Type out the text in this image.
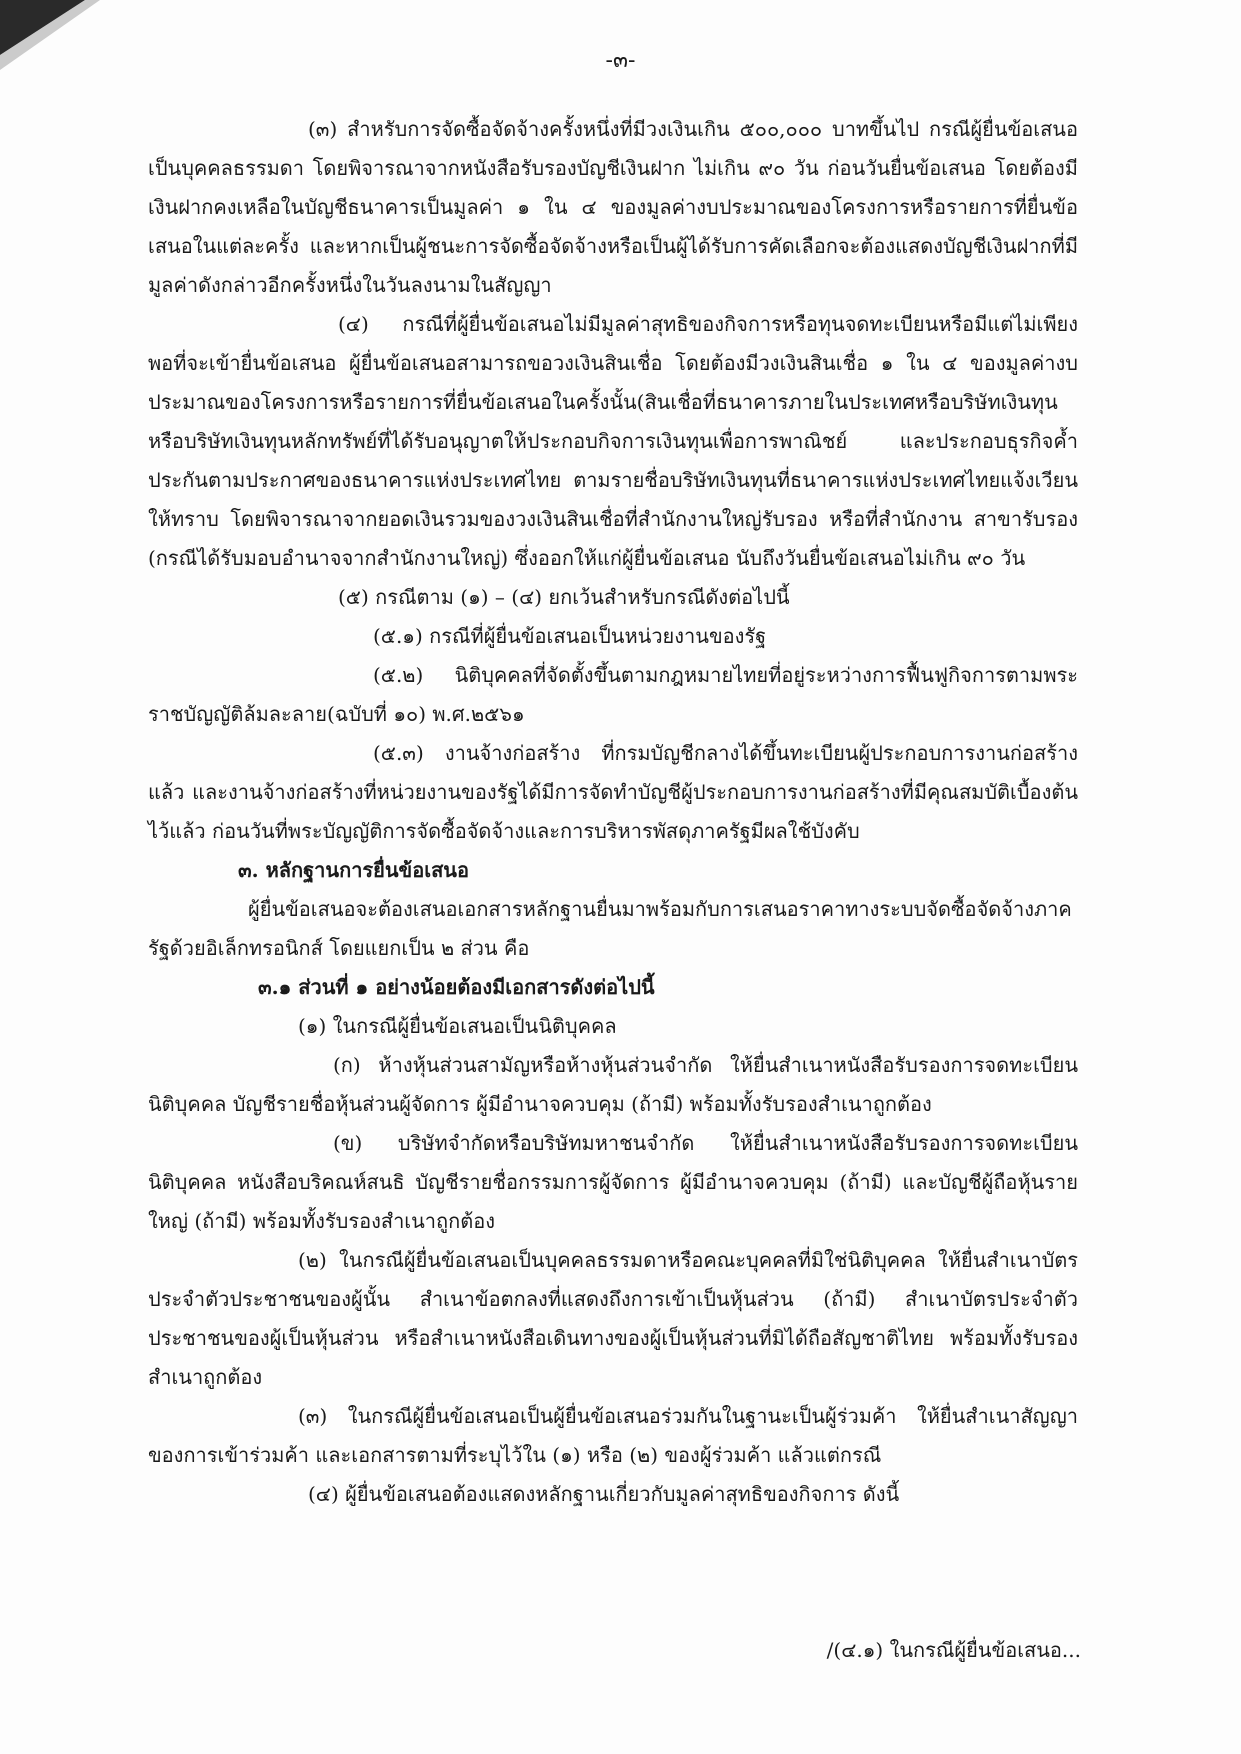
-๓-

(๓) สำหรับการจัดซื้อจัดจ้างครั้งหนึ่งที่มีวงเงินเกิน ๕๐๐,๐๐๐ บาทขึ้นไป กรณีผู้ยื่นข้อเสนอเป็นบุคคลธรรมดา โดยพิจารณาจากหนังสือรับรองบัญชีเงินฝาก ไม่เกิน ๙๐ วัน ก่อนวันยื่นข้อเสนอ โดยต้องมีเงินฝากคงเหลือในบัญชีธนาคารเป็นมูลค่า ๑ ใน ๔ ของมูลค่างบประมาณของโครงการหรือรายการที่ยื่นข้อเสนอในแต่ละครั้ง และหากเป็นผู้ชนะการจัดซื้อจัดจ้างหรือเป็นผู้ได้รับการคัดเลือกจะต้องแสดงบัญชีเงินฝากที่มีมูลค่าดังกล่าวอีกครั้งหนึ่งในวันลงนามในสัญญา

(๔) กรณีที่ผู้ยื่นข้อเสนอไม่มีมูลค่าสุทธิของกิจการหรือทุนจดทะเบียนหรือมีแต่ไม่เพียงพอที่จะเข้ายื่นข้อเสนอ ผู้ยื่นข้อเสนอสามารถขอวงเงินสินเชื่อ โดยต้องมีวงเงินสินเชื่อ ๑ ใน ๔ ของมูลค่างบประมาณของโครงการหรือรายการที่ยื่นข้อเสนอในครั้งนั้น(สินเชื่อที่ธนาคารภายในประเทศหรือบริษัทเงินทุนหรือบริษัทเงินทุนหลักทรัพย์ที่ได้รับอนุญาตให้ประกอบกิจการเงินทุนเพื่อการพาณิชย์ และประกอบธุรกิจค้ำประกันตามประกาศของธนาคารแห่งประเทศไทย ตามรายชื่อบริษัทเงินทุนที่ธนาคารแห่งประเทศไทยแจ้งเวียนให้ทราบ โดยพิจารณาจากยอดเงินรวมของวงเงินสินเชื่อที่สำนักงานใหญ่รับรอง หรือที่สำนักงาน สาขารับรอง (กรณีได้รับมอบอำนาจจากสำนักงานใหญ่) ซึ่งออกให้แก่ผู้ยื่นข้อเสนอ นับถึงวันยื่นข้อเสนอไม่เกิน ๙๐ วัน

(๕) กรณีตาม (๑) – (๔) ยกเว้นสำหรับกรณีดังต่อไปนี้

(๕.๑) กรณีที่ผู้ยื่นข้อเสนอเป็นหน่วยงานของรัฐ

(๕.๒) นิติบุคคลที่จัดตั้งขึ้นตามกฎหมายไทยที่อยู่ระหว่างการฟื้นฟูกิจการตามพระราชบัญญัติล้มละลาย(ฉบับที่ ๑๐) พ.ศ.๒๕๖๑

(๕.๓) งานจ้างก่อสร้าง ที่กรมบัญชีกลางได้ขึ้นทะเบียนผู้ประกอบการงานก่อสร้างแล้ว และงานจ้างก่อสร้างที่หน่วยงานของรัฐได้มีการจัดทำบัญชีผู้ประกอบการงานก่อสร้างที่มีคุณสมบัติเบื้องต้นไว้แล้ว ก่อนวันที่พระบัญญัติการจัดซื้อจัดจ้างและการบริหารพัสดุภาครัฐมีผลใช้บังคับ

๓. หลักฐานการยื่นข้อเสนอ

ผู้ยื่นข้อเสนอจะต้องเสนอเอกสารหลักฐานยื่นมาพร้อมกับการเสนอราคาทางระบบจัดซื้อจัดจ้างภาครัฐด้วยอิเล็กทรอนิกส์ โดยแยกเป็น ๒ ส่วน คือ

๓.๑ ส่วนที่ ๑ อย่างน้อยต้องมีเอกสารดังต่อไปนี้

(๑) ในกรณีผู้ยื่นข้อเสนอเป็นนิติบุคคล

(ก) ห้างหุ้นส่วนสามัญหรือห้างหุ้นส่วนจำกัด ให้ยื่นสำเนาหนังสือรับรองการจดทะเบียนนิติบุคคล บัญชีรายชื่อหุ้นส่วนผู้จัดการ ผู้มีอำนาจควบคุม (ถ้ามี) พร้อมทั้งรับรองสำเนาถูกต้อง

(ข) บริษัทจำกัดหรือบริษัทมหาชนจำกัด ให้ยื่นสำเนาหนังสือรับรองการจดทะเบียนนิติบุคคล หนังสือบริคณห์สนธิ บัญชีรายชื่อกรรมการผู้จัดการ ผู้มีอำนาจควบคุม (ถ้ามี) และบัญชีผู้ถือหุ้นรายใหญ่ (ถ้ามี) พร้อมทั้งรับรองสำเนาถูกต้อง

(๒) ในกรณีผู้ยื่นข้อเสนอเป็นบุคคลธรรมดาหรือคณะบุคคลที่มิใช่นิติบุคคล ให้ยื่นสำเนาบัตรประจำตัวประชาชนของผู้นั้น สำเนาข้อตกลงที่แสดงถึงการเข้าเป็นหุ้นส่วน (ถ้ามี) สำเนาบัตรประจำตัวประชาชนของผู้เป็นหุ้นส่วน หรือสำเนาหนังสือเดินทางของผู้เป็นหุ้นส่วนที่มิได้ถือสัญชาติไทย พร้อมทั้งรับรองสำเนาถูกต้อง

(๓) ในกรณีผู้ยื่นข้อเสนอเป็นผู้ยื่นข้อเสนอร่วมกันในฐานะเป็นผู้ร่วมค้า ให้ยื่นสำเนาสัญญาของการเข้าร่วมค้า และเอกสารตามที่ระบุไว้ใน (๑) หรือ (๒) ของผู้ร่วมค้า แล้วแต่กรณี

(๔) ผู้ยื่นข้อเสนอต้องแสดงหลักฐานเกี่ยวกับมูลค่าสุทธิของกิจการ ดังนี้

/(๔.๑) ในกรณีผู้ยื่นข้อเสนอ...
